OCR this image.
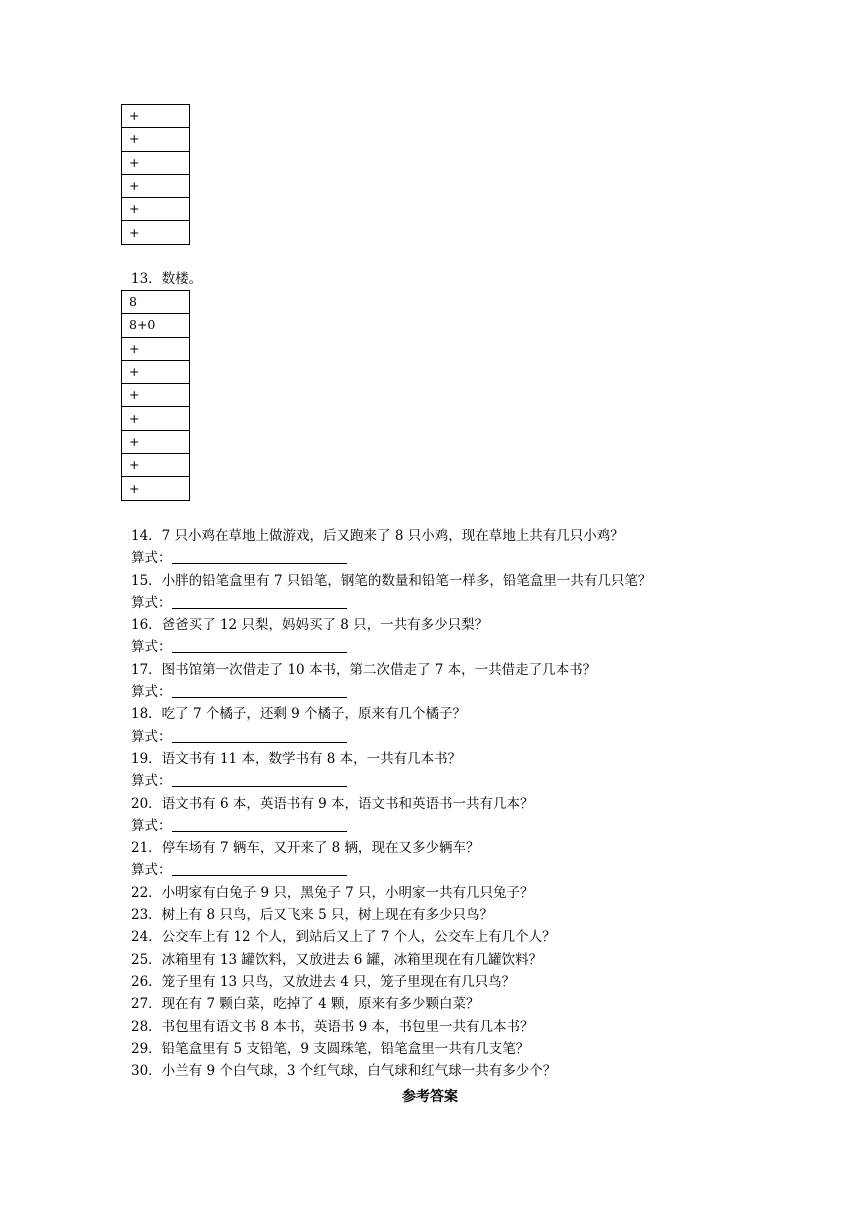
+
+
+
+
+
+
13．数楼。
8
8+0
+
+
+
+
+
+
+
14．7 只小鸡在草地上做游戏，后又跑来了 8 只小鸡，现在草地上共有几只小鸡？
算式：
15．小胖的铅笔盒里有 7 只铅笔，钢笔的数量和铅笔一样多，铅笔盒里一共有几只笔？
算式：
16．爸爸买了 12 只梨，妈妈买了 8 只，一共有多少只梨？
算式：
17．图书馆第一次借走了 10 本书，第二次借走了 7 本，一共借走了几本书？
算式：
18．吃了 7 个橘子，还剩 9 个橘子，原来有几个橘子？
算式：
19．语文书有 11 本，数学书有 8 本，一共有几本书？
算式：
20．语文书有 6 本，英语书有 9 本，语文书和英语书一共有几本？
算式：
21．停车场有 7 辆车，又开来了 8 辆，现在又多少辆车？
算式：
22．小明家有白兔子 9 只，黑兔子 7 只，小明家一共有几只兔子？
23．树上有 8 只鸟，后又飞来 5 只，树上现在有多少只鸟？
24．公交车上有 12 个人，到站后又上了 7 个人，公交车上有几个人？
25．冰箱里有 13 罐饮料，又放进去 6 罐，冰箱里现在有几罐饮料？
26．笼子里有 13 只鸟，又放进去 4 只，笼子里现在有几只鸟？
27．现在有 7 颗白菜，吃掉了 4 颗，原来有多少颗白菜？
28．书包里有语文书 8 本书，英语书 9 本，书包里一共有几本书？
29．铅笔盒里有 5 支铅笔，9 支圆珠笔，铅笔盒里一共有几支笔？
30．小兰有 9 个白气球，3 个红气球，白气球和红气球一共有多少个？
参考答案
